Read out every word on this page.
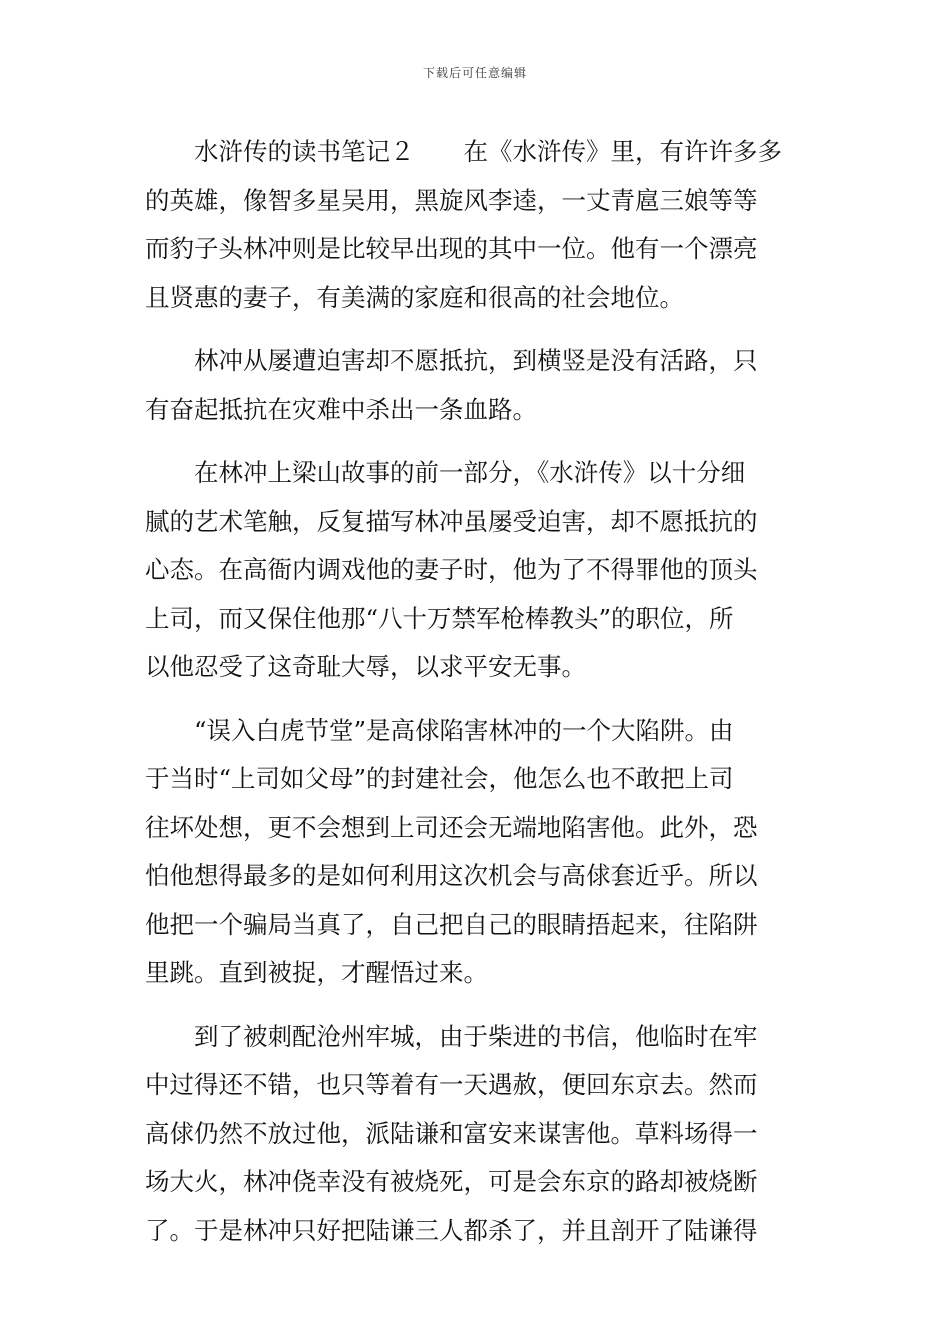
下载后可任意编辑
　　水浒传的读书笔记２　　在《水浒传》里，有许许多多
的英雄，像智多星吴用，黑旋风李逵，一丈青扈三娘等等
而豹子头林冲则是比较早出现的其中一位。他有一个漂亮
且贤惠的妻子，有美满的家庭和很高的社会地位。
　　林冲从屡遭迫害却不愿抵抗，到横竖是没有活路，只
有奋起抵抗在灾难中杀出一条血路。
　　在林冲上梁山故事的前一部分，《水浒传》以十分细
腻的艺术笔触，反复描写林冲虽屡受迫害，却不愿抵抗的
心态。在高衙内调戏他的妻子时，他为了不得罪他的顶头
上司，而又保住他那“八十万禁军枪棒教头”的职位，所
以他忍受了这奇耻大辱，以求平安无事。
　　“误入白虎节堂”是高俅陷害林冲的一个大陷阱。由
于当时“上司如父母”的封建社会，他怎么也不敢把上司
往坏处想，更不会想到上司还会无端地陷害他。此外，恐
怕他想得最多的是如何利用这次机会与高俅套近乎。所以
他把一个骗局当真了，自己把自己的眼睛捂起来，往陷阱
里跳。直到被捉，才醒悟过来。
　　到了被刺配沧州牢城，由于柴进的书信，他临时在牢
中过得还不错，也只等着有一天遇赦，便回东京去。然而
高俅仍然不放过他，派陆谦和富安来谋害他。草料场得一
场大火，林冲侥幸没有被烧死，可是会东京的路却被烧断
了。于是林冲只好把陆谦三人都杀了，并且剖开了陆谦得
